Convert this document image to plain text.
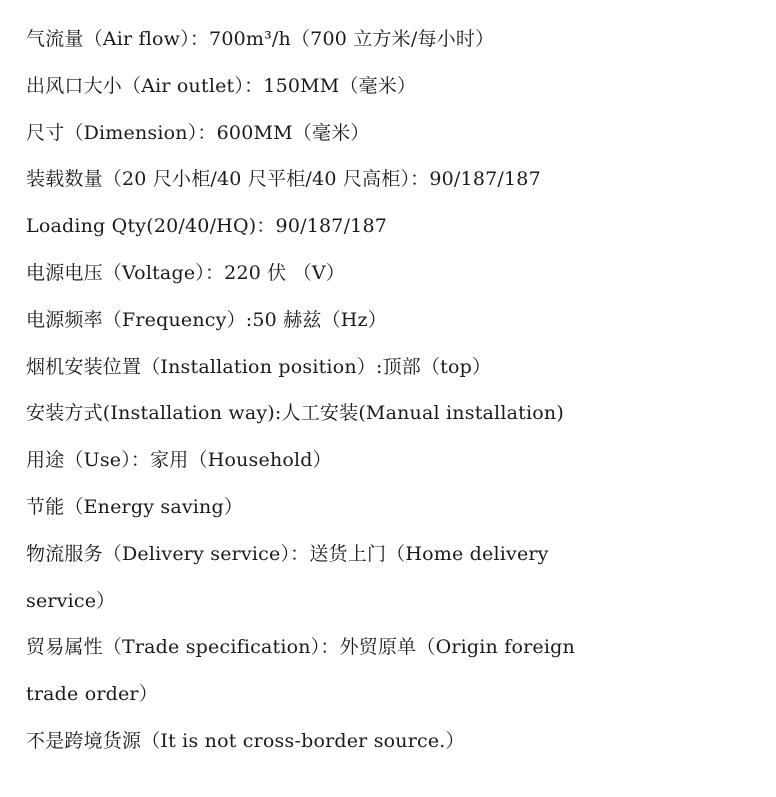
气流量（Air flow）：700m³/h（700 立方米/每小时）
出风口大小（Air outlet）：150MM（毫米）
尺寸（Dimension）：600MM（毫米）
装载数量（20 尺小柜/40 尺平柜/40 尺高柜）：90/187/187
Loading Qty(20/40/HQ)：90/187/187
电源电压（Voltage）：220 伏 （V）
电源频率（Frequency）:50 赫兹（Hz）
烟机安装位置（Installation position）:顶部（top）
安装方式(Installation way):人工安装(Manual installation)
用途（Use）：家用（Household）
节能（Energy saving）
物流服务（Delivery service）：送货上门（Home delivery
service）
贸易属性（Trade specification）：外贸原单（Origin foreign
trade order）
不是跨境货源（It is not cross-border source.）
